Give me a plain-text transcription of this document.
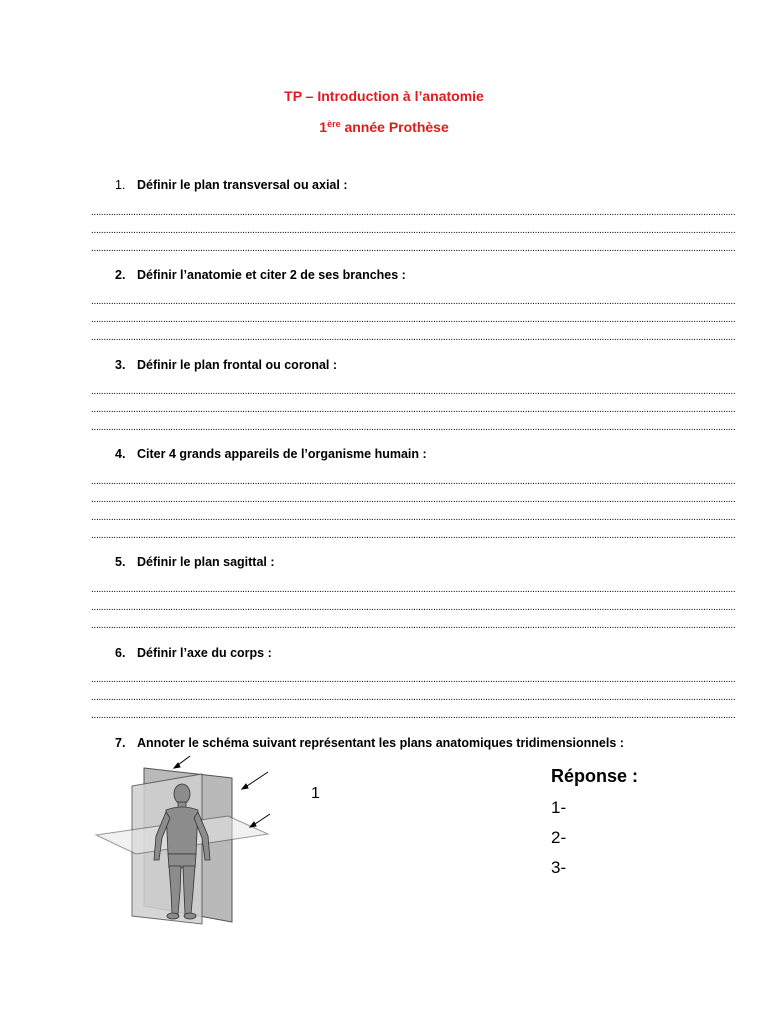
TP – Introduction à l’anatomie
1ère année Prothèse
1. Définir le plan transversal ou axial :
....................................................................................................................................................................................................................................................................
....................................................................................................................................................................................................................................................................
....................................................................................................................................................................................................................................................................
2. Définir l’anatomie et citer 2 de ses branches :
....................................................................................................................................................................................................................................................................
....................................................................................................................................................................................................................................................................
....................................................................................................................................................................................................................................................................
3. Définir le plan frontal ou coronal :
....................................................................................................................................................................................................................................................................
....................................................................................................................................................................................................................................................................
....................................................................................................................................................................................................................................................................
4. Citer 4 grands appareils de l’organisme humain :
....................................................................................................................................................................................................................................................................
....................................................................................................................................................................................................................................................................
....................................................................................................................................................................................................................................................................
....................................................................................................................................................................................................................................................................
5. Définir le plan sagittal :
....................................................................................................................................................................................................................................................................
....................................................................................................................................................................................................................................................................
....................................................................................................................................................................................................................................................................
6. Définir l’axe du corps :
....................................................................................................................................................................................................................................................................
....................................................................................................................................................................................................................................................................
....................................................................................................................................................................................................................................................................
7. Annoter le schéma suivant représentant les plans anatomiques tridimensionnels :
1
Réponse :
1-
2-
3-
